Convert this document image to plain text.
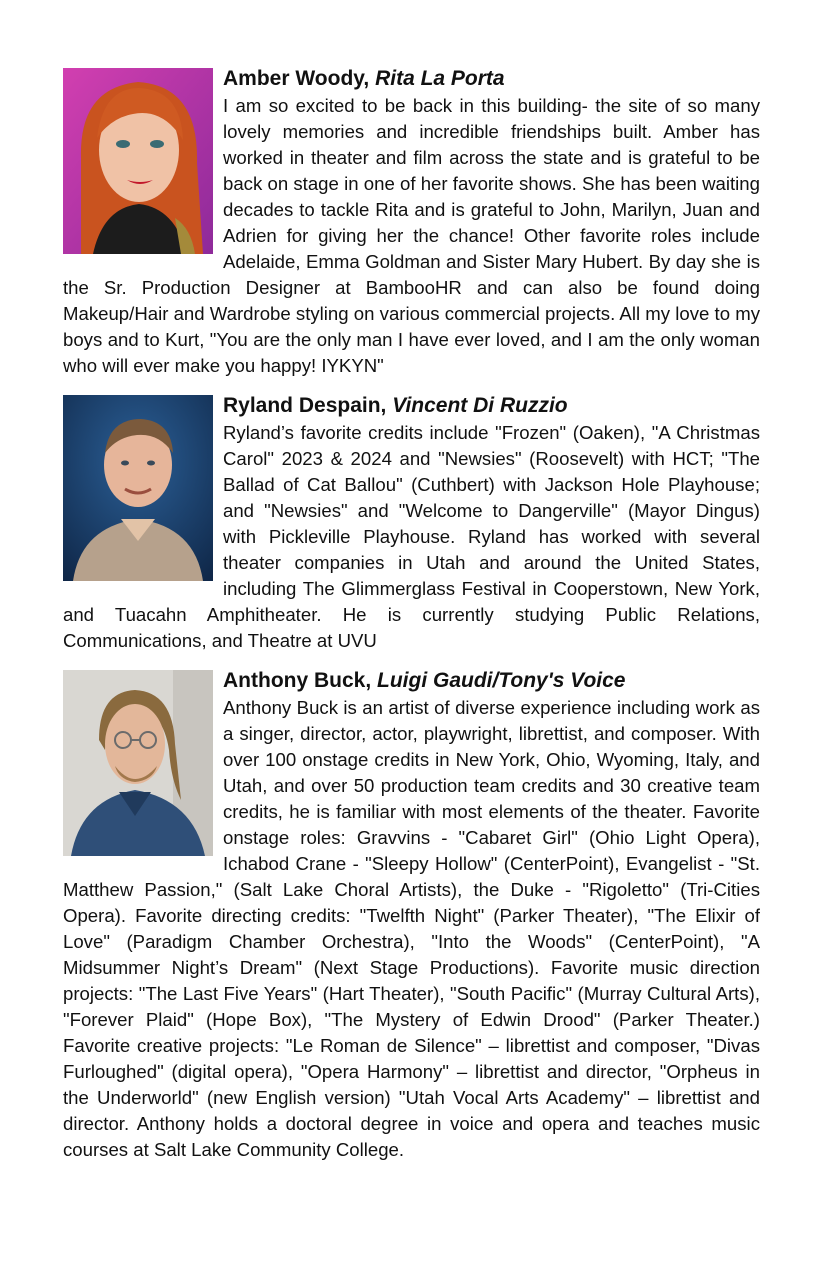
Amber Woody, Rita La Porta
I am so excited to be back in this building- the site of so many lovely memories and incredible friendships built. Amber has worked in theater and film across the state and is grateful to be back on stage in one of her favorite shows. She has been waiting decades to tackle Rita and is grateful to John, Marilyn, Juan and Adrien for giving her the chance! Other favorite roles include Adelaide, Emma Goldman and Sister Mary Hubert. By day she is the Sr. Production Designer at BambooHR and can also be found doing Makeup/Hair and Wardrobe styling on various commercial projects. All my love to my boys and to Kurt, "You are the only man I have ever loved, and I am the only woman who will ever make you happy! IYKYN"

Ryland Despain, Vincent Di Ruzzio
Ryland’s favorite credits include "Frozen" (Oaken), "A Christmas Carol" 2023 & 2024 and "Newsies" (Roosevelt) with HCT; "The Ballad of Cat Ballou" (Cuthbert) with Jackson Hole Playhouse; and "Newsies" and "Welcome to Dangerville" (Mayor Dingus) with Pickleville Playhouse. Ryland has worked with several theater companies in Utah and around the United States, including The Glimmerglass Festival in Cooperstown, New York, and Tuacahn Amphitheater. He is currently studying Public Relations, Communications, and Theatre at UVU

Anthony Buck, Luigi Gaudi/Tony's Voice
Anthony Buck is an artist of diverse experience including work as a singer, director, actor, playwright, librettist, and composer. With over 100 onstage credits in New York, Ohio, Wyoming, Italy, and Utah, and over 50 production team credits and 30 creative team credits, he is familiar with most elements of the theater. Favorite onstage roles: Gravvins - "Cabaret Girl" (Ohio Light Opera), Ichabod Crane - "Sleepy Hollow" (CenterPoint), Evangelist - "St. Matthew Passion," (Salt Lake Choral Artists), the Duke - "Rigoletto" (Tri-Cities Opera). Favorite directing credits: "Twelfth Night" (Parker Theater), "The Elixir of Love" (Paradigm Chamber Orchestra), "Into the Woods" (CenterPoint), "A Midsummer Night’s Dream" (Next Stage Productions). Favorite music direction projects: "The Last Five Years" (Hart Theater), "South Pacific" (Murray Cultural Arts), "Forever Plaid" (Hope Box), "The Mystery of Edwin Drood" (Parker Theater.) Favorite creative projects: "Le Roman de Silence" – librettist and composer, "Divas Furloughed" (digital opera), "Opera Harmony" – librettist and director, "Orpheus in the Underworld" (new English version) "Utah Vocal Arts Academy" – librettist and director. Anthony holds a doctoral degree in voice and opera and teaches music courses at Salt Lake Community College.
